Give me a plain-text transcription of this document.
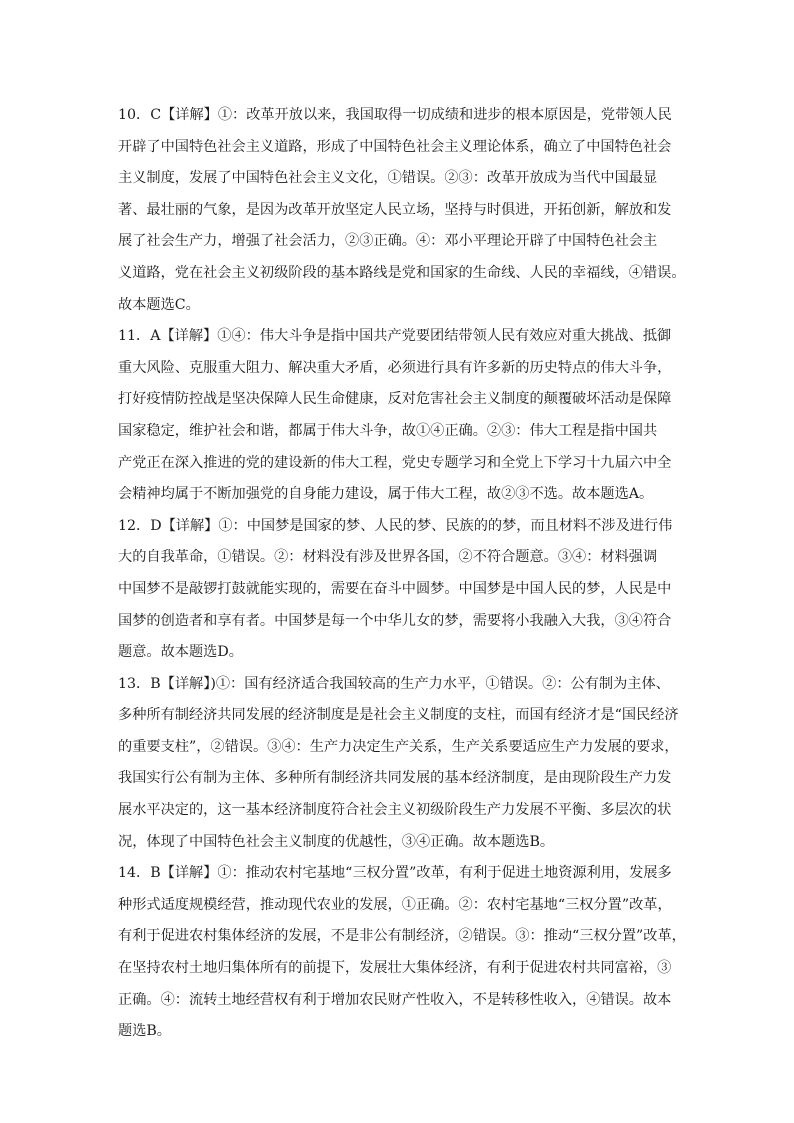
10．C【详解】①：改革开放以来，我国取得一切成绩和进步的根本原因是，党带领人民
开辟了中国特色社会主义道路，形成了中国特色社会主义理论体系，确立了中国特色社会
主义制度，发展了中国特色社会主义文化，①错误。②③：改革开放成为当代中国最显
著、最壮丽的气象，是因为改革开放坚定人民立场，坚持与时俱进，开拓创新，解放和发
展了社会生产力，增强了社会活力，②③正确。④：邓小平理论开辟了中国特色社会主
义道路，党在社会主义初级阶段的基本路线是党和国家的生命线、人民的幸福线，④错误。
故本题选C。
11．A【详解】①④：伟大斗争是指中国共产党要团结带领人民有效应对重大挑战、抵御
重大风险、克服重大阻力、解决重大矛盾，必须进行具有许多新的历史特点的伟大斗争，
打好疫情防控战是坚决保障人民生命健康，反对危害社会主义制度的颠覆破坏活动是保障
国家稳定，维护社会和谐，都属于伟大斗争，故①④正确。②③：伟大工程是指中国共
产党正在深入推进的党的建设新的伟大工程，党史专题学习和全党上下学习十九届六中全
会精神均属于不断加强党的自身能力建设，属于伟大工程，故②③不选。故本题选A。
12．D【详解】①：中国梦是国家的梦、人民的梦、民族的的梦，而且材料不涉及进行伟
大的自我革命，①错误。②：材料没有涉及世界各国，②不符合题意。③④：材料强调
中国梦不是敲锣打鼓就能实现的，需要在奋斗中圆梦。中国梦是中国人民的梦，人民是中
国梦的创造者和享有者。中国梦是每一个中华儿女的梦，需要将小我融入大我，③④符合
题意。故本题选D。
13．B【详解】)①：国有经济适合我国较高的生产力水平，①错误。②：公有制为主体、
多种所有制经济共同发展的经济制度是是社会主义制度的支柱，而国有经济才是“国民经济
的重要支柱”，②错误。③④：生产力决定生产关系，生产关系要适应生产力发展的要求，
我国实行公有制为主体、多种所有制经济共同发展的基本经济制度，是由现阶段生产力发
展水平决定的，这一基本经济制度符合社会主义初级阶段生产力发展不平衡、多层次的状
况，体现了中国特色社会主义制度的优越性，③④正确。故本题选B。
14．B【详解】①：推动农村宅基地“三权分置”改革，有利于促进土地资源利用，发展多
种形式适度规模经营，推动现代农业的发展，①正确。②：农村宅基地“三权分置”改革，
有利于促进农村集体经济的发展，不是非公有制经济，②错误。③：推动“三权分置”改革，
在坚持农村土地归集体所有的前提下，发展壮大集体经济，有利于促进农村共同富裕，③
正确。④：流转土地经营权有利于增加农民财产性收入，不是转移性收入，④错误。故本
题选B。
